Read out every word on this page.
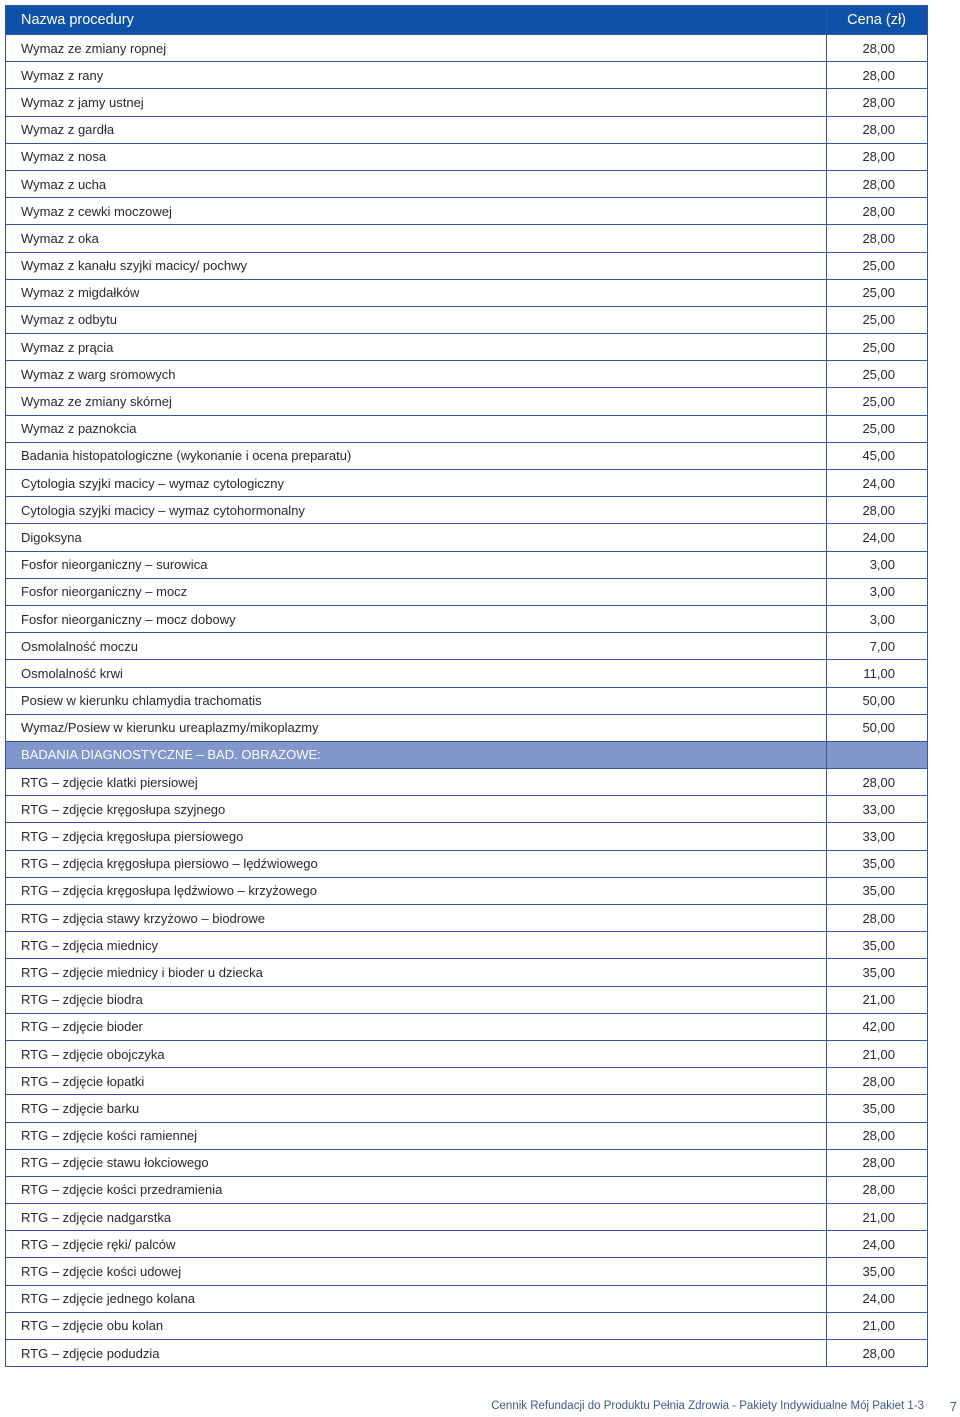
Nazwa procedury	Cena (zł)
Wymaz ze zmiany ropnej	28,00
Wymaz z rany	28,00
Wymaz z jamy ustnej	28,00
Wymaz z gardła	28,00
Wymaz z nosa	28,00
Wymaz z ucha	28,00
Wymaz z cewki moczowej	28,00
Wymaz z oka	28,00
Wymaz z kanału szyjki macicy/ pochwy	25,00
Wymaz z migdałków	25,00
Wymaz z odbytu	25,00
Wymaz z prącia	25,00
Wymaz z warg sromowych	25,00
Wymaz ze zmiany skórnej	25,00
Wymaz z paznokcia	25,00
Badania histopatologiczne (wykonanie i ocena preparatu)	45,00
Cytologia szyjki macicy – wymaz cytologiczny	24,00
Cytologia szyjki macicy – wymaz cytohormonalny	28,00
Digoksyna	24,00
Fosfor nieorganiczny – surowica	3,00
Fosfor nieorganiczny – mocz	3,00
Fosfor nieorganiczny – mocz dobowy	3,00
Osmolalność moczu	7,00
Osmolalność krwi	11,00
Posiew w kierunku chlamydia trachomatis	50,00
Wymaz/Posiew w kierunku ureaplazmy/mikoplazmy	50,00
BADANIA DIAGNOSTYCZNE – BAD. OBRAZOWE:	
RTG – zdjęcie klatki piersiowej	28,00
RTG – zdjęcie kręgosłupa szyjnego	33,00
RTG – zdjęcia kręgosłupa piersiowego	33,00
RTG – zdjęcia kręgosłupa piersiowo – lędźwiowego	35,00
RTG – zdjęcia kręgosłupa lędźwiowo – krzyżowego	35,00
RTG – zdjęcia stawy krzyżowo – biodrowe	28,00
RTG – zdjęcia miednicy	35,00
RTG – zdjęcie miednicy i bioder u dziecka	35,00
RTG – zdjęcie biodra	21,00
RTG – zdjęcie bioder	42,00
RTG – zdjęcie obojczyka	21,00
RTG – zdjęcie łopatki	28,00
RTG – zdjęcie barku	35,00
RTG – zdjęcie kości ramiennej	28,00
RTG – zdjęcie stawu łokciowego	28,00
RTG – zdjęcie kości przedramienia	28,00
RTG – zdjęcie nadgarstka	21,00
RTG – zdjęcie ręki/ palców	24,00
RTG – zdjęcie kości udowej	35,00
RTG – zdjęcie jednego kolana	24,00
RTG – zdjęcie obu kolan	21,00
RTG – zdjęcie podudzia	28,00
Cennik Refundacji do Produktu Pełnia Zdrowia - Pakiety Indywidualne Mój Pakiet 1-3 7
